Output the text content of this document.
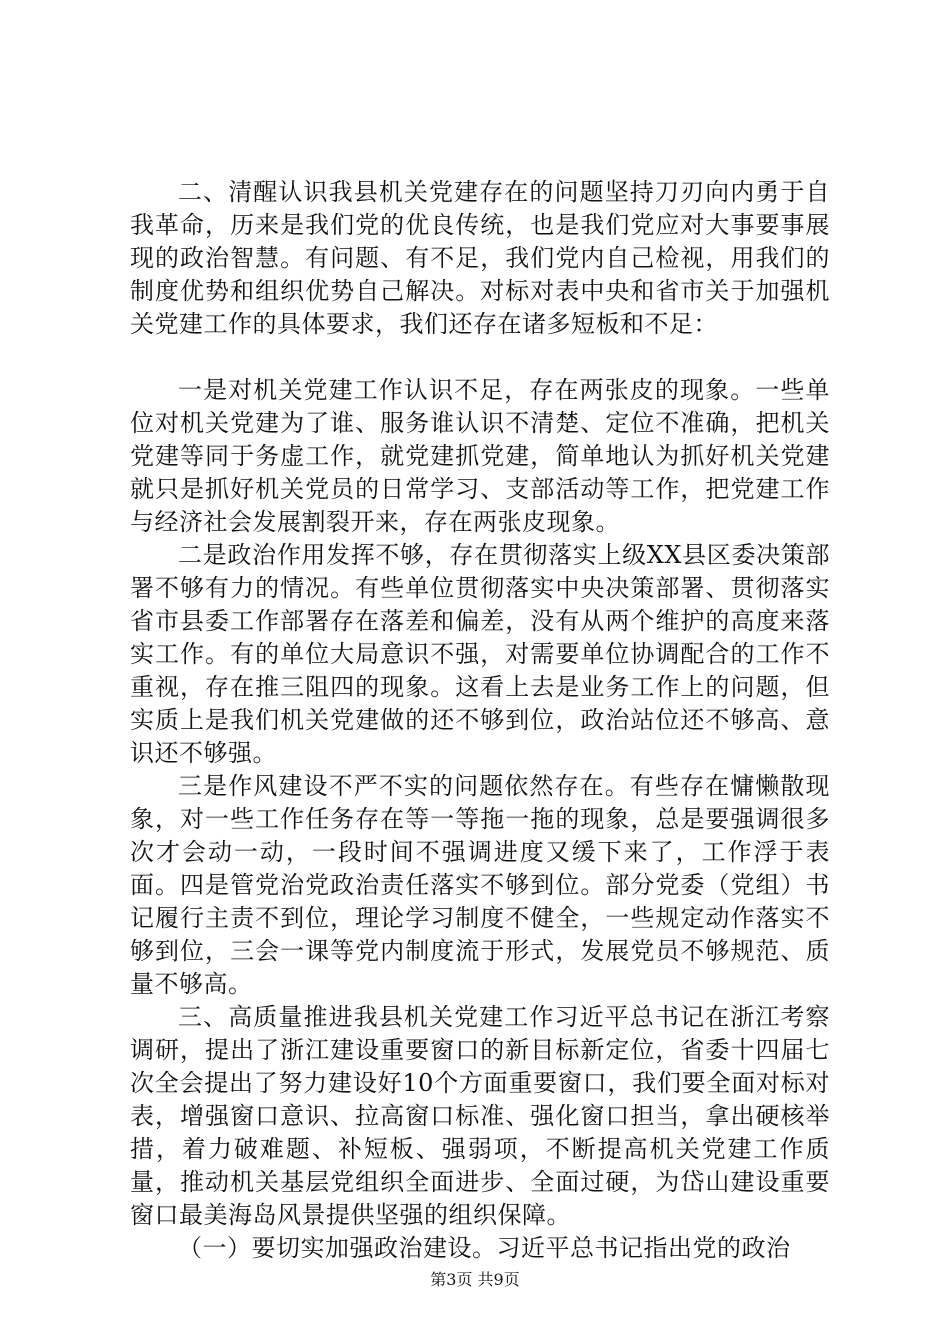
二、清醒认识我县机关党建存在的问题坚持刀刃向内勇于自我革命，历来是我们党的优良传统，也是我们党应对大事要事展现的政治智慧。有问题、有不足，我们党内自己检视，用我们的制度优势和组织优势自己解决。对标对表中央和省市关于加强机关党建工作的具体要求，我们还存在诸多短板和不足：

一是对机关党建工作认识不足，存在两张皮的现象。一些单位对机关党建为了谁、服务谁认识不清楚、定位不准确，把机关党建等同于务虚工作，就党建抓党建，简单地认为抓好机关党建就只是抓好机关党员的日常学习、支部活动等工作，把党建工作与经济社会发展割裂开来，存在两张皮现象。

二是政治作用发挥不够，存在贯彻落实上级XX县区委决策部署不够有力的情况。有些单位贯彻落实中央决策部署、贯彻落实省市县委工作部署存在落差和偏差，没有从两个维护的高度来落实工作。有的单位大局意识不强，对需要单位协调配合的工作不重视，存在推三阻四的现象。这看上去是业务工作上的问题，但实质上是我们机关党建做的还不够到位，政治站位还不够高、意识还不够强。

三是作风建设不严不实的问题依然存在。有些存在慵懒散现象，对一些工作任务存在等一等拖一拖的现象，总是要强调很多次才会动一动，一段时间不强调进度又缓下来了，工作浮于表面。四是管党治党政治责任落实不够到位。部分党委（党组）书记履行主责不到位，理论学习制度不健全，一些规定动作落实不够到位，三会一课等党内制度流于形式，发展党员不够规范、质量不够高。

三、高质量推进我县机关党建工作习近平总书记在浙江考察调研，提出了浙江建设重要窗口的新目标新定位，省委十四届七次全会提出了努力建设好10个方面重要窗口，我们要全面对标对表，增强窗口意识、拉高窗口标准、强化窗口担当，拿出硬核举措，着力破难题、补短板、强弱项，不断提高机关党建工作质量，推动机关基层党组织全面进步、全面过硬，为岱山建设重要窗口最美海岛风景提供坚强的组织保障。

（一）要切实加强政治建设。习近平总书记指出党的政治

第3页 共9页
